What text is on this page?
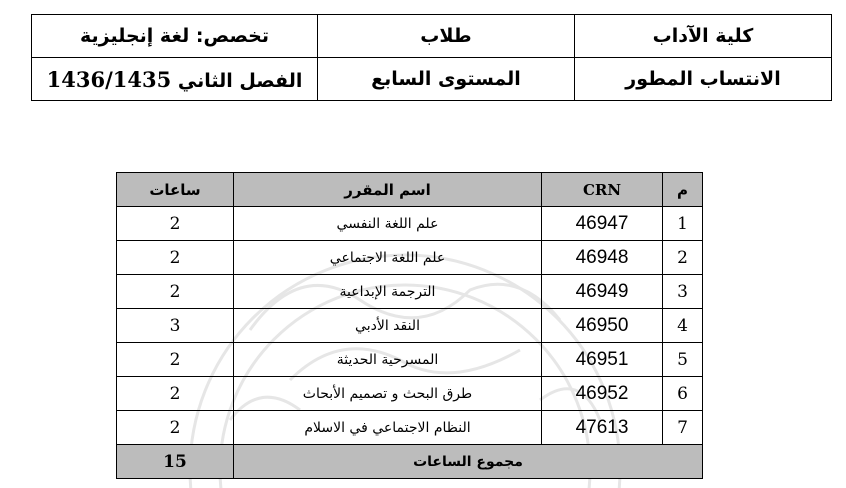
كلية الآداب	طلاب	تخصص: لغة إنجليزية
الانتساب المطور	المستوى السابع	الفصل الثاني 1436/1435
م	CRN	اسم المقرر	ساعات
1	46947	علم اللغة النفسي	2
2	46948	علم اللغة الاجتماعي	2
3	46949	الترجمة الإبداعية	2
4	46950	النقد الأدبي	3
5	46951	المسرحية الحديثة	2
6	46952	طرق البحث و تصميم الأبحاث	2
7	47613	النظام الاجتماعي في الاسلام	2
مجموع الساعات			15
